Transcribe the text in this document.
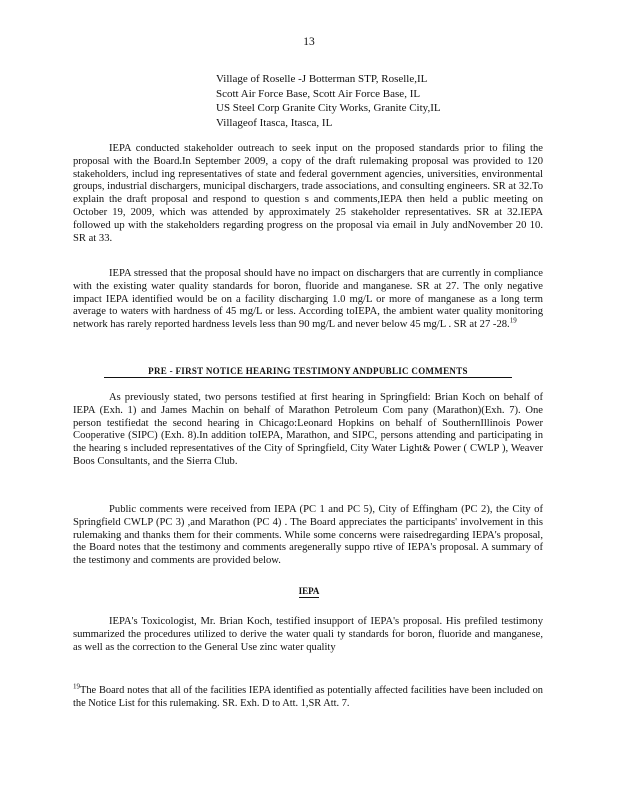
13
Village of Roselle -J Botterman STP, Roselle,IL
Scott Air Force Base, Scott Air Force Base, IL
US Steel Corp Granite City Works, Granite City,IL
Villageof Itasca, Itasca, IL

IEPA conducted stakeholder outreach to seek input on the proposed standards prior to filing the proposal with the Board.In September 2009, a copy of the draft rulemaking proposal was provided to 120 stakeholders, includ ing representatives of state and federal government agencies, universities, environmental groups, industrial dischargers, municipal dischargers, trade associations, and consulting engineers. SR at 32.To explain the draft proposal and respond to question s and comments,IEPA then held a public meeting on October 19, 2009, which was attended by approximately 25 stakeholder representatives. SR at 32.IEPA followed up with the stakeholders regarding progress on the proposal via email in July andNovember 20 10. SR at 33.

IEPA stressed that the proposal should have no impact on dischargers that are currently in compliance with the existing water quality standards for boron, fluoride and manganese. SR at 27. The only negative impact IEPA identified would be on a facility discharging 1.0 mg/L or more of manganese as a long term average to waters with hardness of 45 mg/L or less. According toIEPA, the ambient water quality monitoring network has rarely reported hardness levels less than 90 mg/L and never below 45 mg/L . SR at 27 -28.19

PRE - FIRST NOTICE HEARING TESTIMONY ANDPUBLIC COMMENTS

As previously stated, two persons testified at first hearing in Springfield: Brian Koch on behalf of IEPA (Exh. 1) and James Machin on behalf of Marathon Petroleum Com pany (Marathon)(Exh. 7). One person testifiedat the second hearing in Chicago:Leonard Hopkins on behalf of SouthernIllinois Power Cooperative (SIPC) (Exh. 8).In addition toIEPA, Marathon, and SIPC, persons attending and participating in the hearing s included representatives of the City of Springfield, City Water Light& Power ( CWLP ), Weaver Boos Consultants, and the Sierra Club.

Public comments were received from IEPA (PC 1 and PC 5), City of Effingham (PC 2), the City of Springfield CWLP (PC 3) ,and Marathon (PC 4) . The Board appreciates the participants' involvement in this rulemaking and thanks them for their comments. While some concerns were raisedregarding IEPA's proposal, the Board notes that the testimony and comments aregenerally suppo rtive of IEPA's proposal. A summary of the testimony and comments are provided below.

IEPA

IEPA's Toxicologist, Mr. Brian Koch, testified insupport of IEPA's proposal. His prefiled testimony summarized the procedures utilized to derive the water quali ty standards for boron, fluoride and manganese, as well as the correction to the General Use zinc water quality

$^{19}$The Board notes that all of the facilities IEPA identified as potentially affected facilities have been included on the Notice List for this rulemaking. SR. Exh. D to Att. 1,SR Att. 7.
